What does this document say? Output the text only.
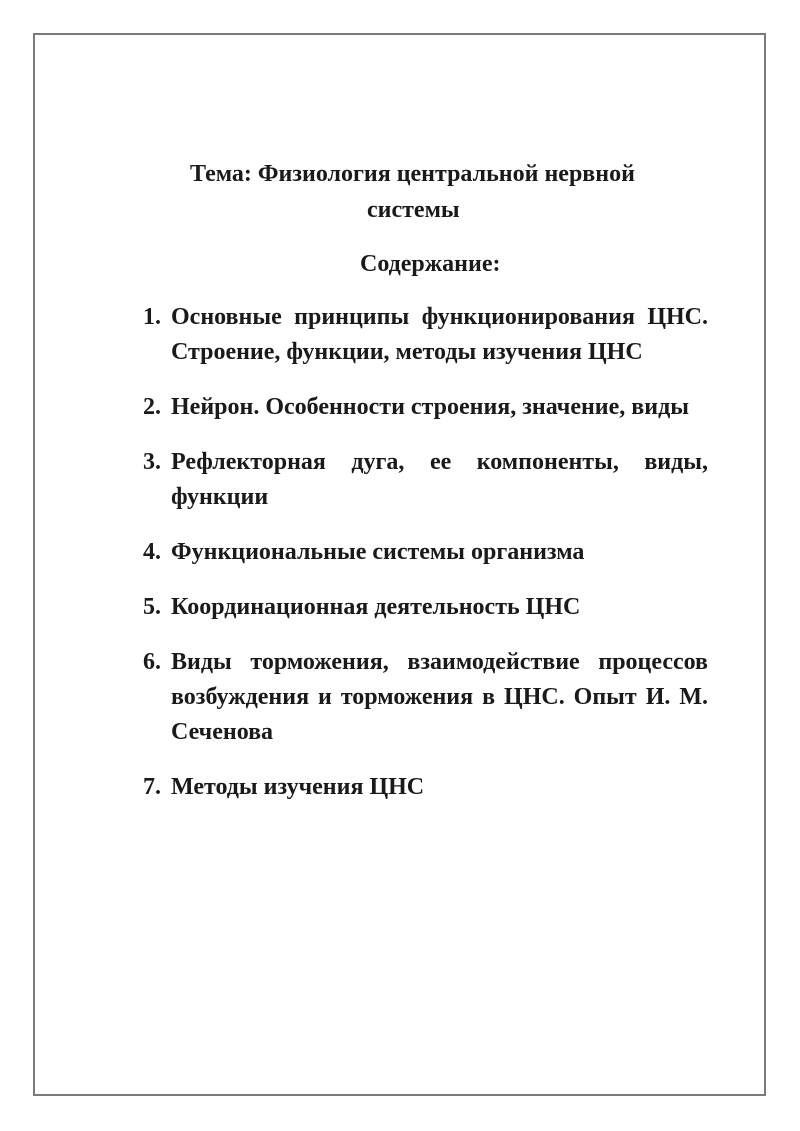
Тема: Физиология центральной нервной
системы
Содержание:
1. Основные принципы функционирования ЦНС. Строение, функции, методы изучения ЦНС
2. Нейрон. Особенности строения, значение, виды
3. Рефлекторная дуга, ее компоненты, виды, функции
4. Функциональные системы организма
5. Координационная деятельность ЦНС
6. Виды торможения, взаимодействие процессов возбуждения и торможения в ЦНС. Опыт И. М. Сеченова
7. Методы изучения ЦНС
